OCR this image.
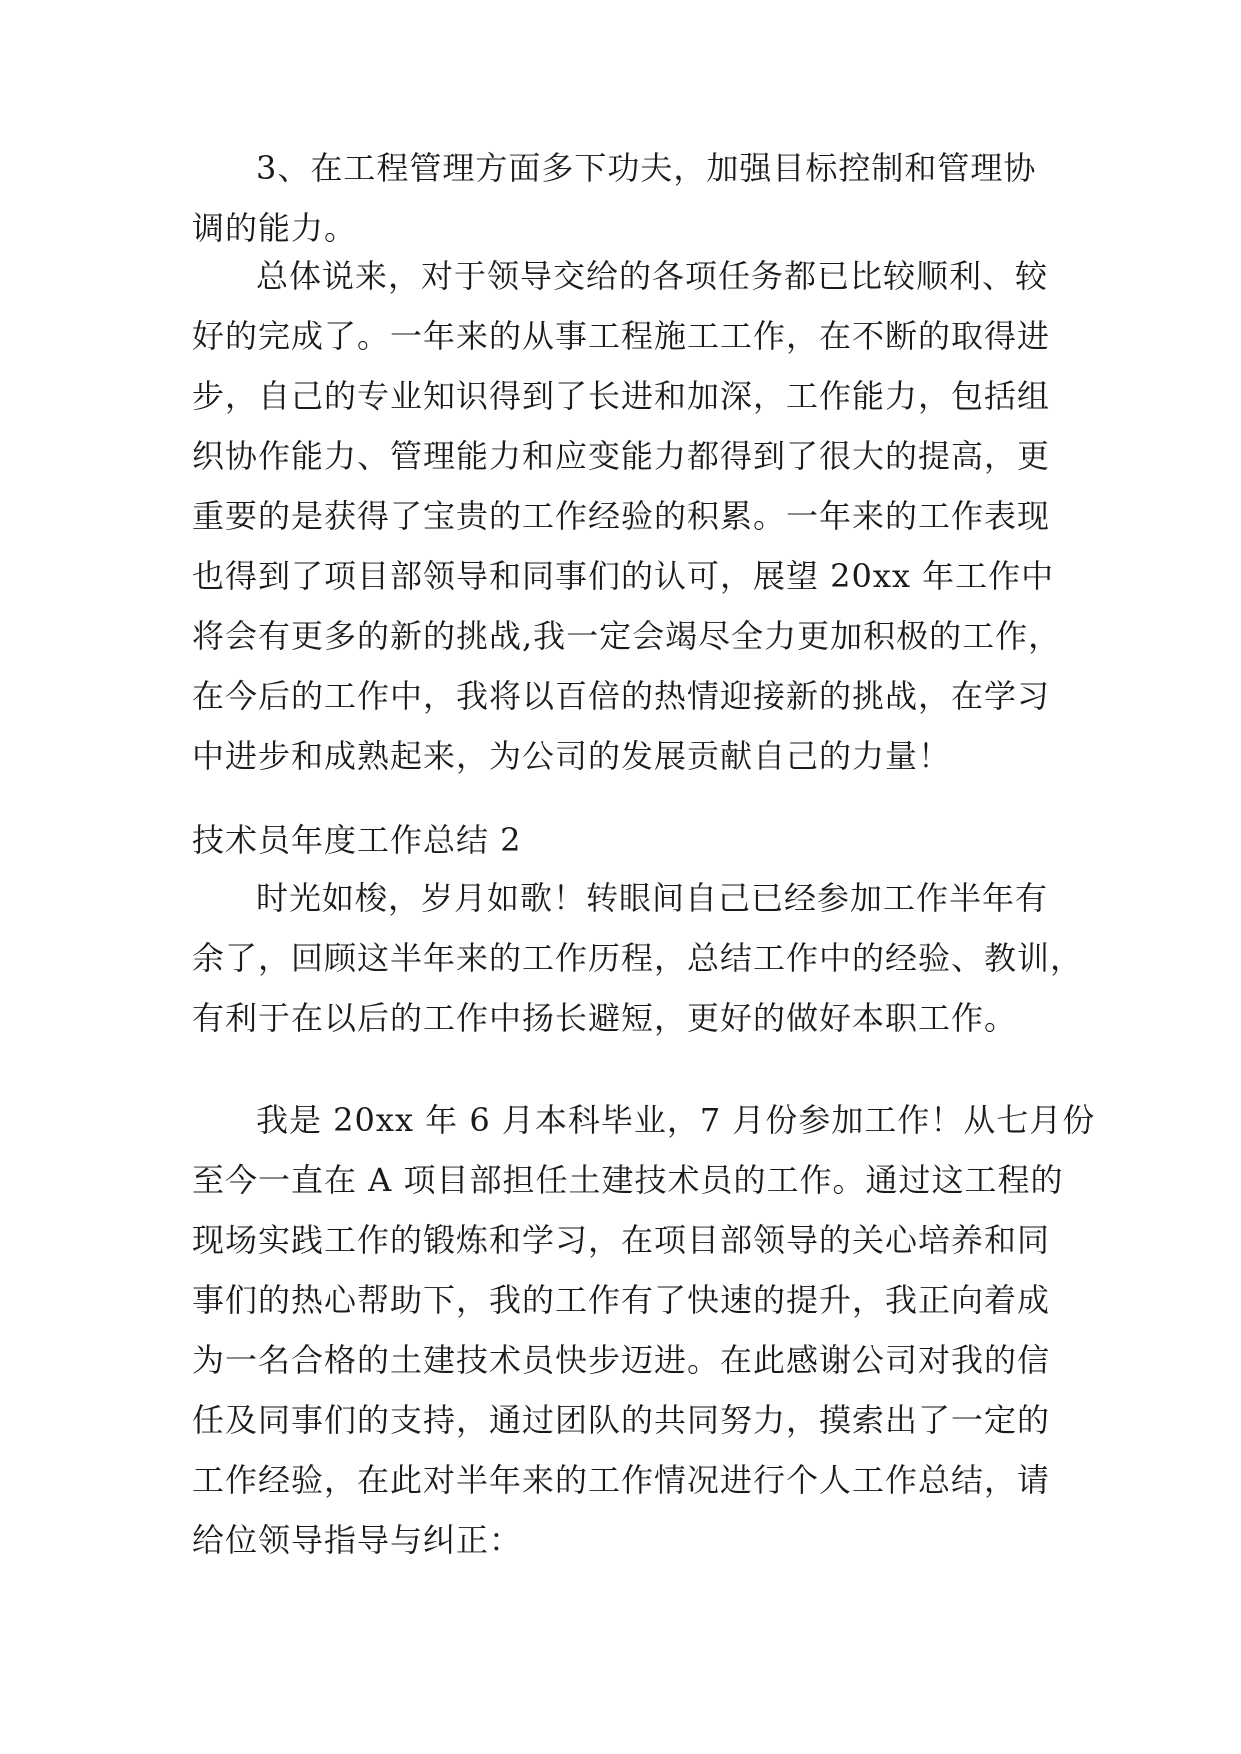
3、在工程管理方面多下功夫，加强目标控制和管理协
调的能力。
总体说来，对于领导交给的各项任务都已比较顺利、较
好的完成了。一年来的从事工程施工工作，在不断的取得进
步，自己的专业知识得到了长进和加深，工作能力，包括组
织协作能力、管理能力和应变能力都得到了很大的提高，更
重要的是获得了宝贵的工作经验的积累。一年来的工作表现
也得到了项目部领导和同事们的认可，展望 20xx 年工作中
将会有更多的新的挑战,我一定会竭尽全力更加积极的工作，
在今后的工作中，我将以百倍的热情迎接新的挑战，在学习
中进步和成熟起来，为公司的发展贡献自己的力量！
技术员年度工作总结 2
时光如梭，岁月如歌！转眼间自己已经参加工作半年有
余了，回顾这半年来的工作历程，总结工作中的经验、教训，
有利于在以后的工作中扬长避短，更好的做好本职工作。
我是 20xx 年 6 月本科毕业，7 月份参加工作！从七月份
至今一直在 A 项目部担任土建技术员的工作。通过这工程的
现场实践工作的锻炼和学习，在项目部领导的关心培养和同
事们的热心帮助下，我的工作有了快速的提升，我正向着成
为一名合格的土建技术员快步迈进。在此感谢公司对我的信
任及同事们的支持，通过团队的共同努力，摸索出了一定的
工作经验，在此对半年来的工作情况进行个人工作总结，请
给位领导指导与纠正：
